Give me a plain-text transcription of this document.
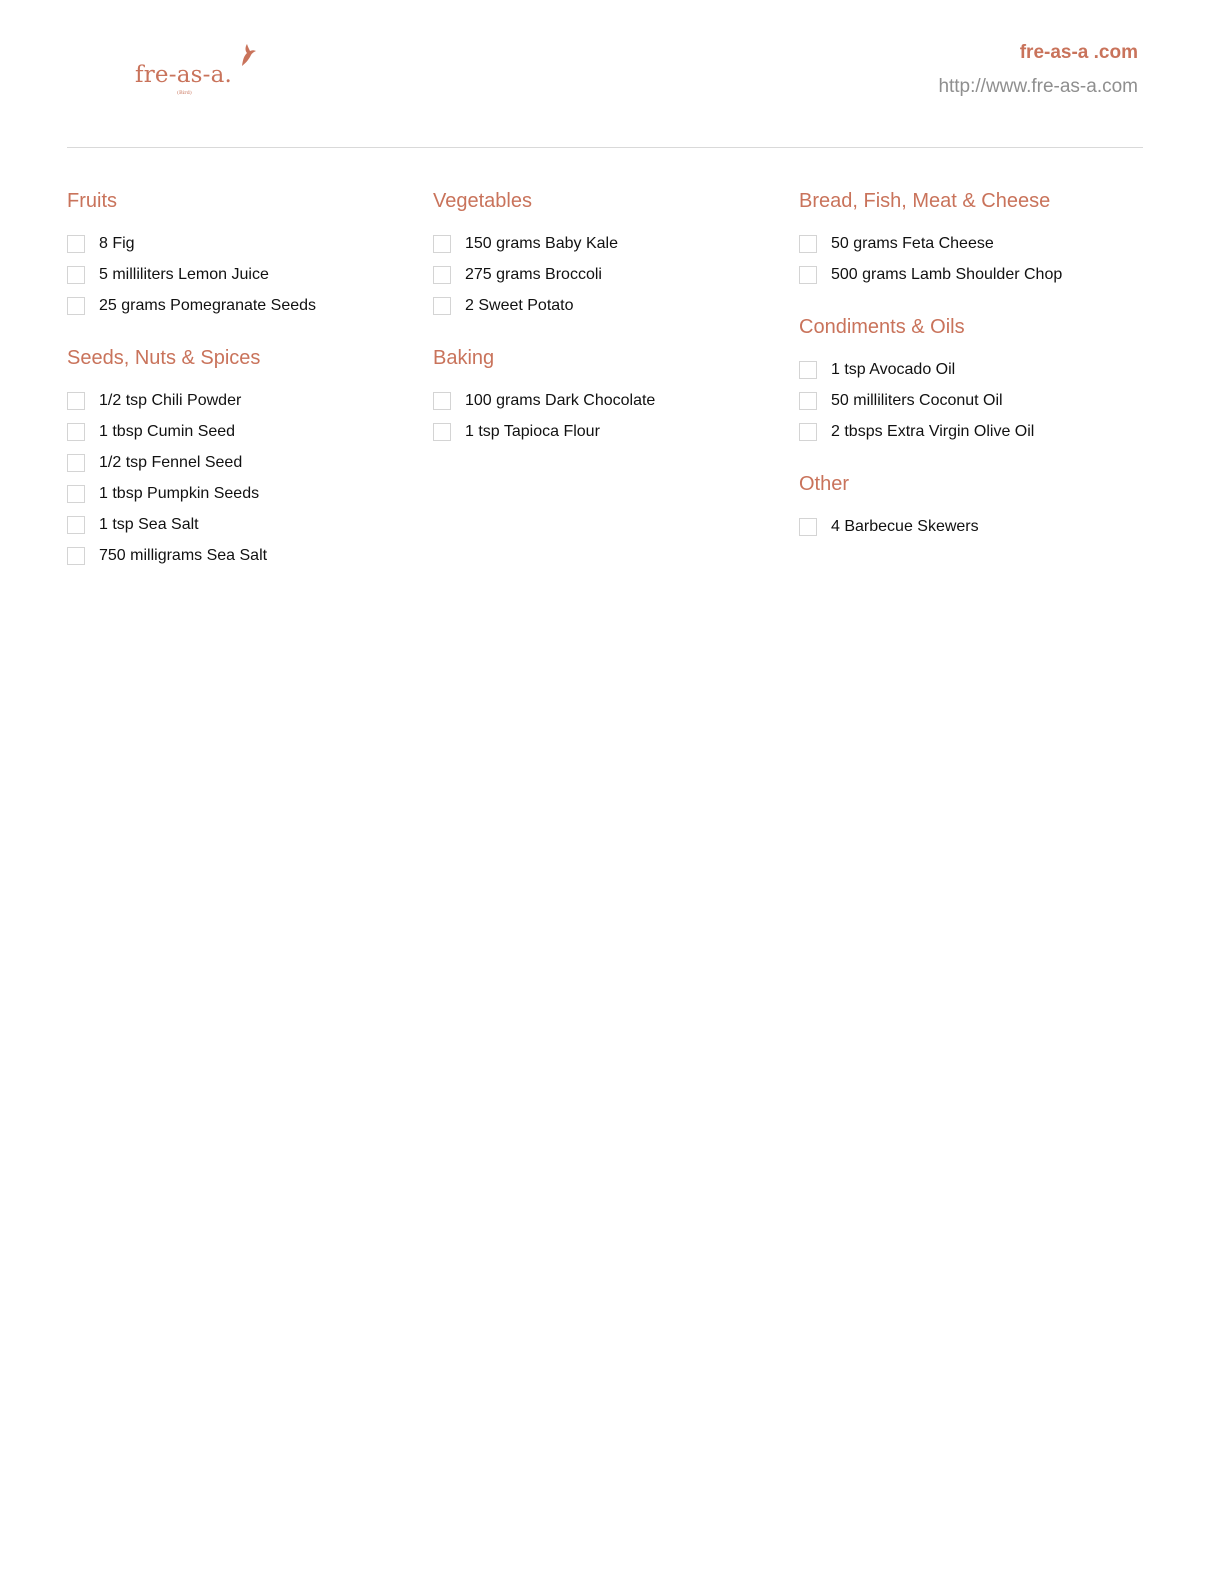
fre-as-a.
(Bird)
fre-as-a .com
http://www.fre-as-a.com
Fruits
8 Fig
5 milliliters Lemon Juice
25 grams Pomegranate Seeds
Seeds, Nuts & Spices
1/2 tsp Chili Powder
1 tbsp Cumin Seed
1/2 tsp Fennel Seed
1 tbsp Pumpkin Seeds
1 tsp Sea Salt
750 milligrams Sea Salt
Vegetables
150 grams Baby Kale
275 grams Broccoli
2 Sweet Potato
Baking
100 grams Dark Chocolate
1 tsp Tapioca Flour
Bread, Fish, Meat & Cheese
50 grams Feta Cheese
500 grams Lamb Shoulder Chop
Condiments & Oils
1 tsp Avocado Oil
50 milliliters Coconut Oil
2 tbsps Extra Virgin Olive Oil
Other
4 Barbecue Skewers
